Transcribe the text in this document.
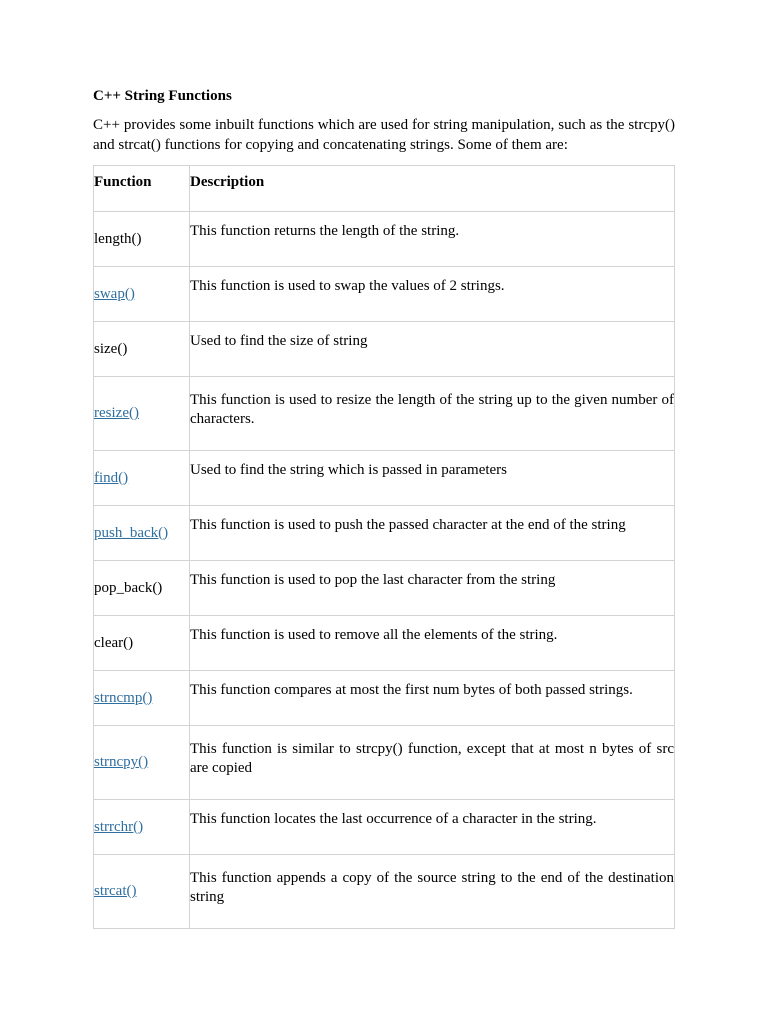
C++ String Functions

C++ provides some inbuilt functions which are used for string manipulation, such as the strcpy() and strcat() functions for copying and concatenating strings. Some of them are:

Function	Description
length()	This function returns the length of the string.

swap()	This function is used to swap the values of 2 strings.

size()	Used to find the size of string

resize()	This function is used to resize the length of the string up to the given number of characters.

find()	Used to find the string which is passed in parameters

push_back()	This function is used to push the passed character at the end of the string

pop_back()	This function is used to pop the last character from the string

clear()	This function is used to remove all the elements of the string.

strncmp()	This function compares at most the first num bytes of both passed strings.

strncpy()	This function is similar to strcpy() function, except that at most n bytes of src are copied

strrchr()	This function locates the last occurrence of a character in the string.

strcat()	This function appends a copy of the source string to the end of the destination string
